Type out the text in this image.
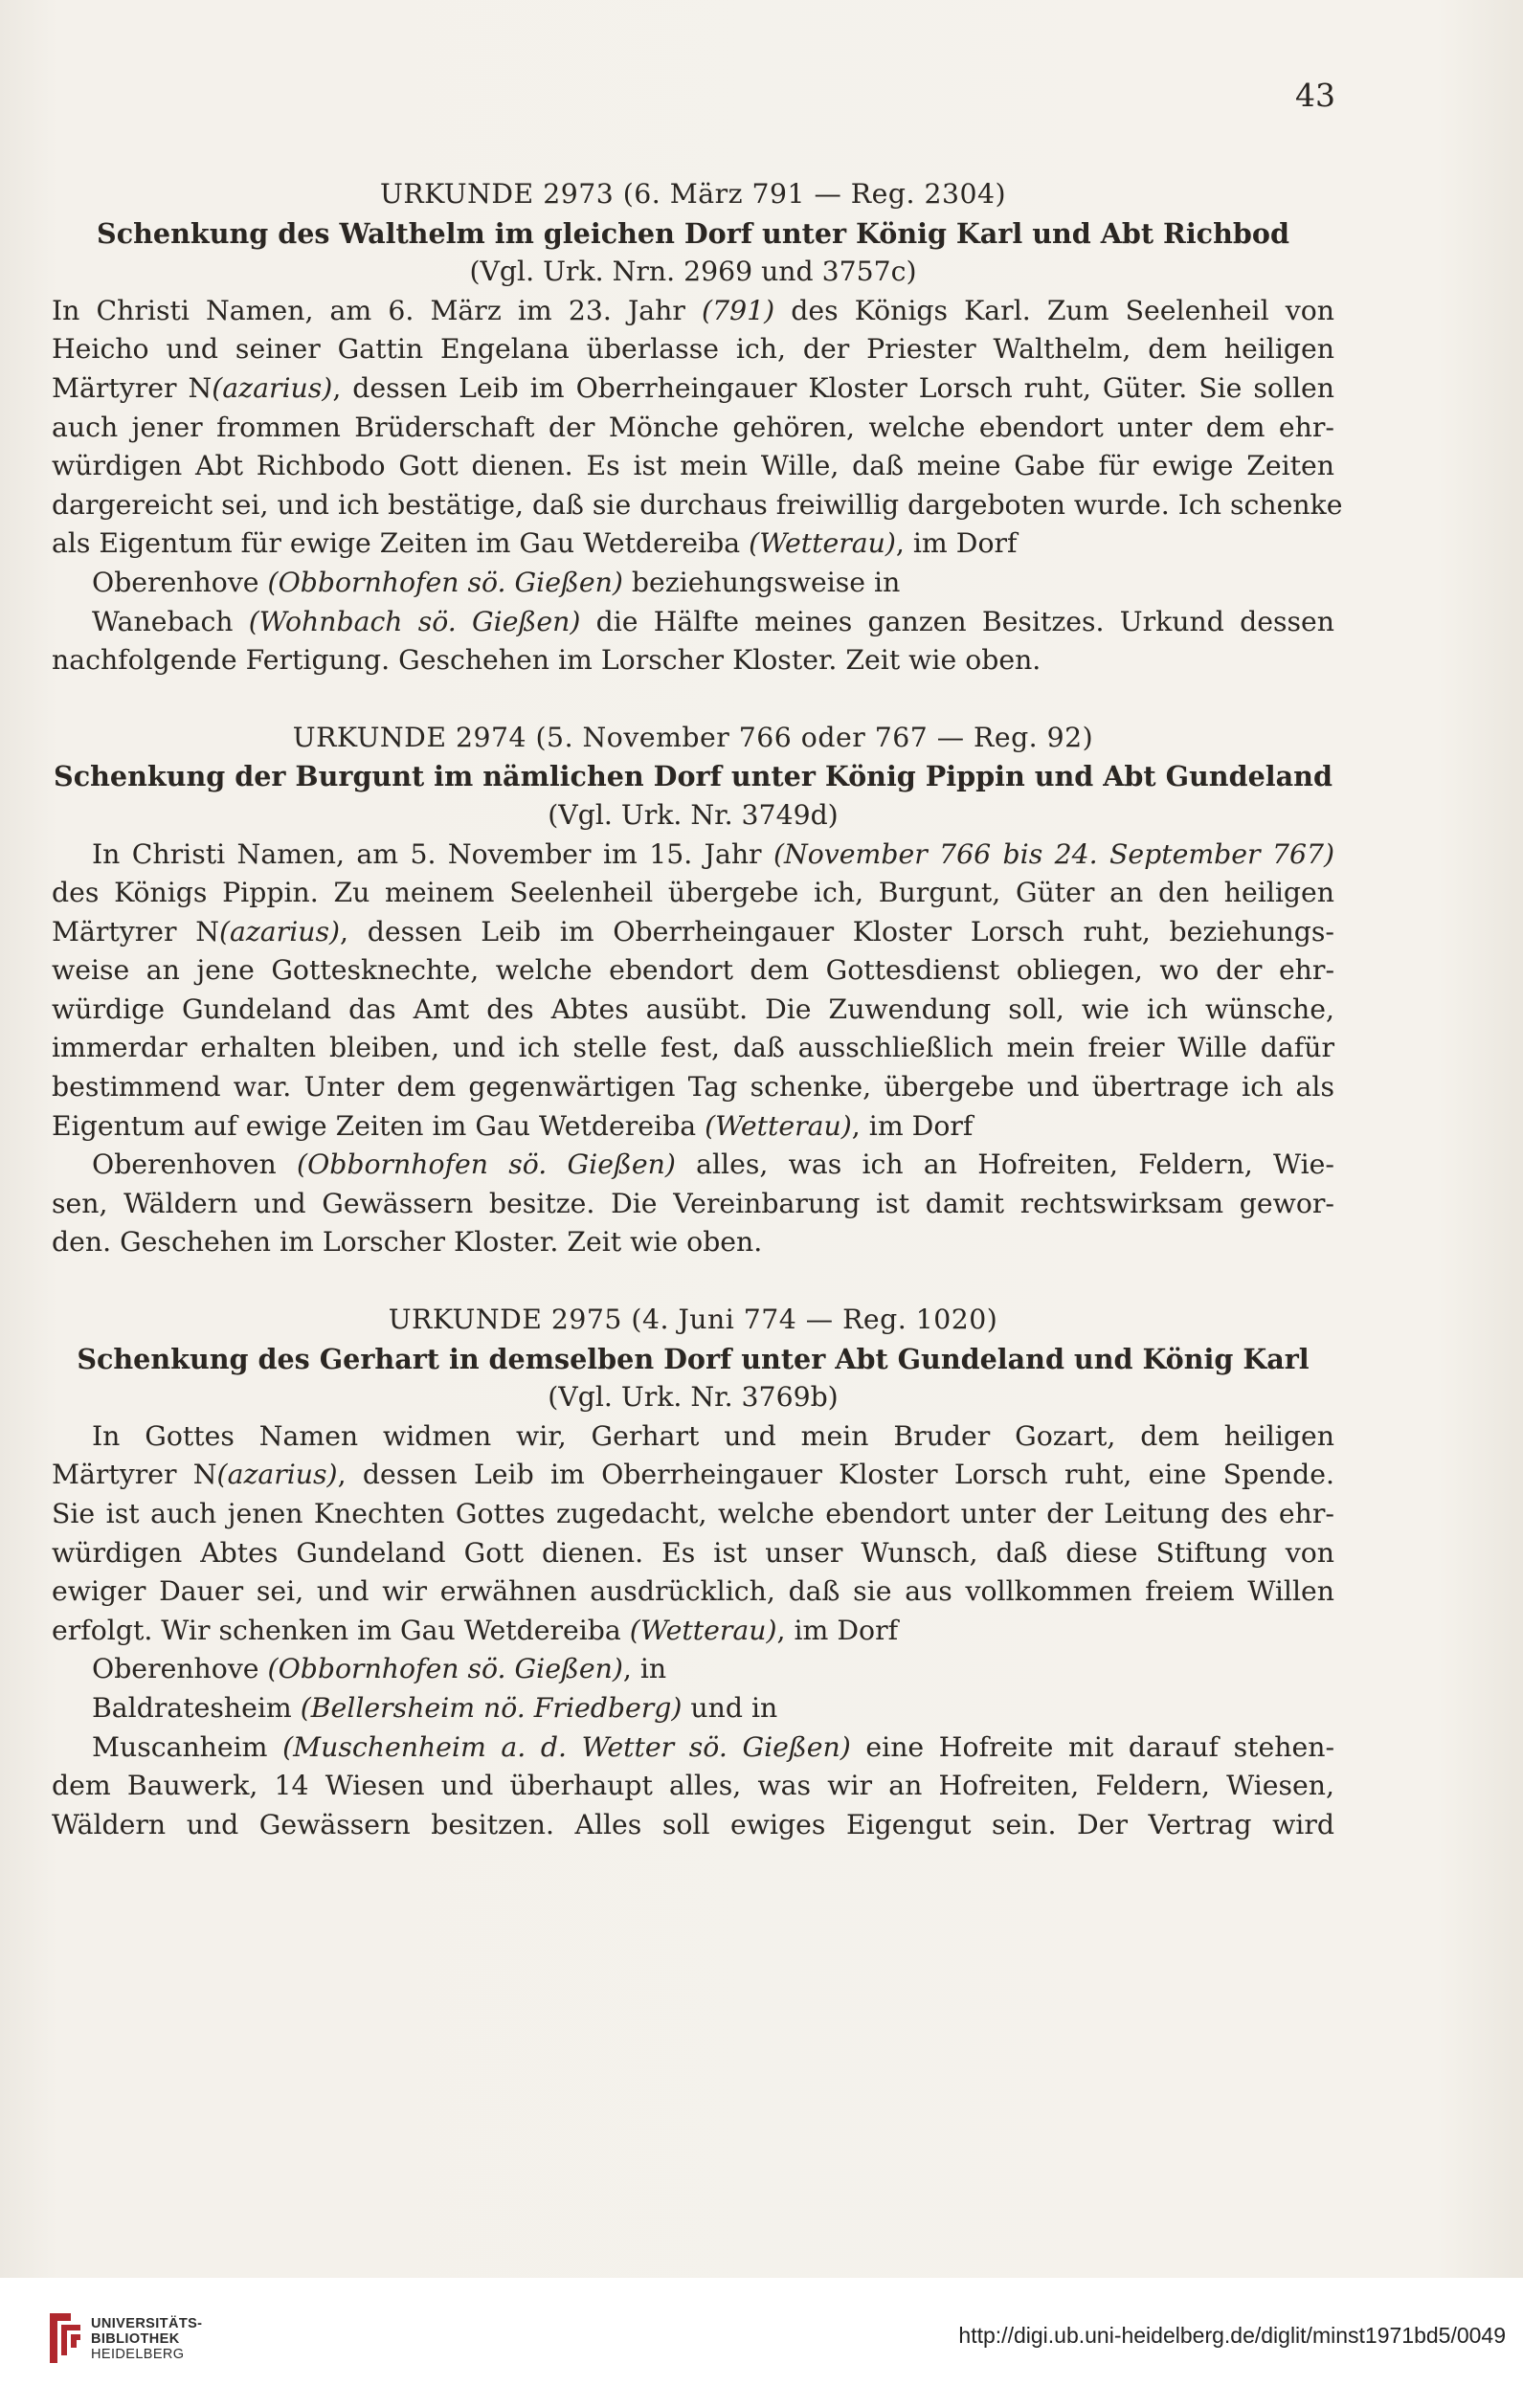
43
URKUNDE 2973 (6. März 791 — Reg. 2304)
Schenkung des Walthelm im gleichen Dorf unter König Karl und Abt Richbod
(Vgl. Urk. Nrn. 2969 und 3757c)
In Christi Namen, am 6. März im 23. Jahr (791) des Königs Karl. Zum Seelenheil von
Heicho und seiner Gattin Engelana überlasse ich, der Priester Walthelm, dem heiligen
Märtyrer N(azarius), dessen Leib im Oberrheingauer Kloster Lorsch ruht, Güter. Sie sollen
auch jener frommen Brüderschaft der Mönche gehören, welche ebendort unter dem ehr-
würdigen Abt Richbodo Gott dienen. Es ist mein Wille, daß meine Gabe für ewige Zeiten
dargereicht sei, und ich bestätige, daß sie durchaus freiwillig dargeboten wurde. Ich schenke
als Eigentum für ewige Zeiten im Gau Wetdereiba (Wetterau), im Dorf
Oberenhove (Obbornhofen sö. Gießen) beziehungsweise in
Wanebach (Wohnbach sö. Gießen) die Hälfte meines ganzen Besitzes. Urkund dessen
nachfolgende Fertigung. Geschehen im Lorscher Kloster. Zeit wie oben.
URKUNDE 2974 (5. November 766 oder 767 — Reg. 92)
Schenkung der Burgunt im nämlichen Dorf unter König Pippin und Abt Gundeland
(Vgl. Urk. Nr. 3749d)
In Christi Namen, am 5. November im 15. Jahr (November 766 bis 24. September 767)
des Königs Pippin. Zu meinem Seelenheil übergebe ich, Burgunt, Güter an den heiligen
Märtyrer N(azarius), dessen Leib im Oberrheingauer Kloster Lorsch ruht, beziehungs-
weise an jene Gottesknechte, welche ebendort dem Gottesdienst obliegen, wo der ehr-
würdige Gundeland das Amt des Abtes ausübt. Die Zuwendung soll, wie ich wünsche,
immerdar erhalten bleiben, und ich stelle fest, daß ausschließlich mein freier Wille dafür
bestimmend war. Unter dem gegenwärtigen Tag schenke, übergebe und übertrage ich als
Eigentum auf ewige Zeiten im Gau Wetdereiba (Wetterau), im Dorf
Oberenhoven (Obbornhofen sö. Gießen) alles, was ich an Hofreiten, Feldern, Wie-
sen, Wäldern und Gewässern besitze. Die Vereinbarung ist damit rechtswirksam gewor-
den. Geschehen im Lorscher Kloster. Zeit wie oben.
URKUNDE 2975 (4. Juni 774 — Reg. 1020)
Schenkung des Gerhart in demselben Dorf unter Abt Gundeland und König Karl
(Vgl. Urk. Nr. 3769b)
In Gottes Namen widmen wir, Gerhart und mein Bruder Gozart, dem heiligen
Märtyrer N(azarius), dessen Leib im Oberrheingauer Kloster Lorsch ruht, eine Spende.
Sie ist auch jenen Knechten Gottes zugedacht, welche ebendort unter der Leitung des ehr-
würdigen Abtes Gundeland Gott dienen. Es ist unser Wunsch, daß diese Stiftung von
ewiger Dauer sei, und wir erwähnen ausdrücklich, daß sie aus vollkommen freiem Willen
erfolgt. Wir schenken im Gau Wetdereiba (Wetterau), im Dorf
Oberenhove (Obbornhofen sö. Gießen), in
Baldratesheim (Bellersheim nö. Friedberg) und in
Muscanheim (Muschenheim a. d. Wetter sö. Gießen) eine Hofreite mit darauf stehen-
dem Bauwerk, 14 Wiesen und überhaupt alles, was wir an Hofreiten, Feldern, Wiesen,
Wäldern und Gewässern besitzen. Alles soll ewiges Eigengut sein. Der Vertrag wird
UNIVERSITÄTS-
BIBLIOTHEK
HEIDELBERG
http://digi.ub.uni-heidelberg.de/diglit/minst1971bd5/0049
